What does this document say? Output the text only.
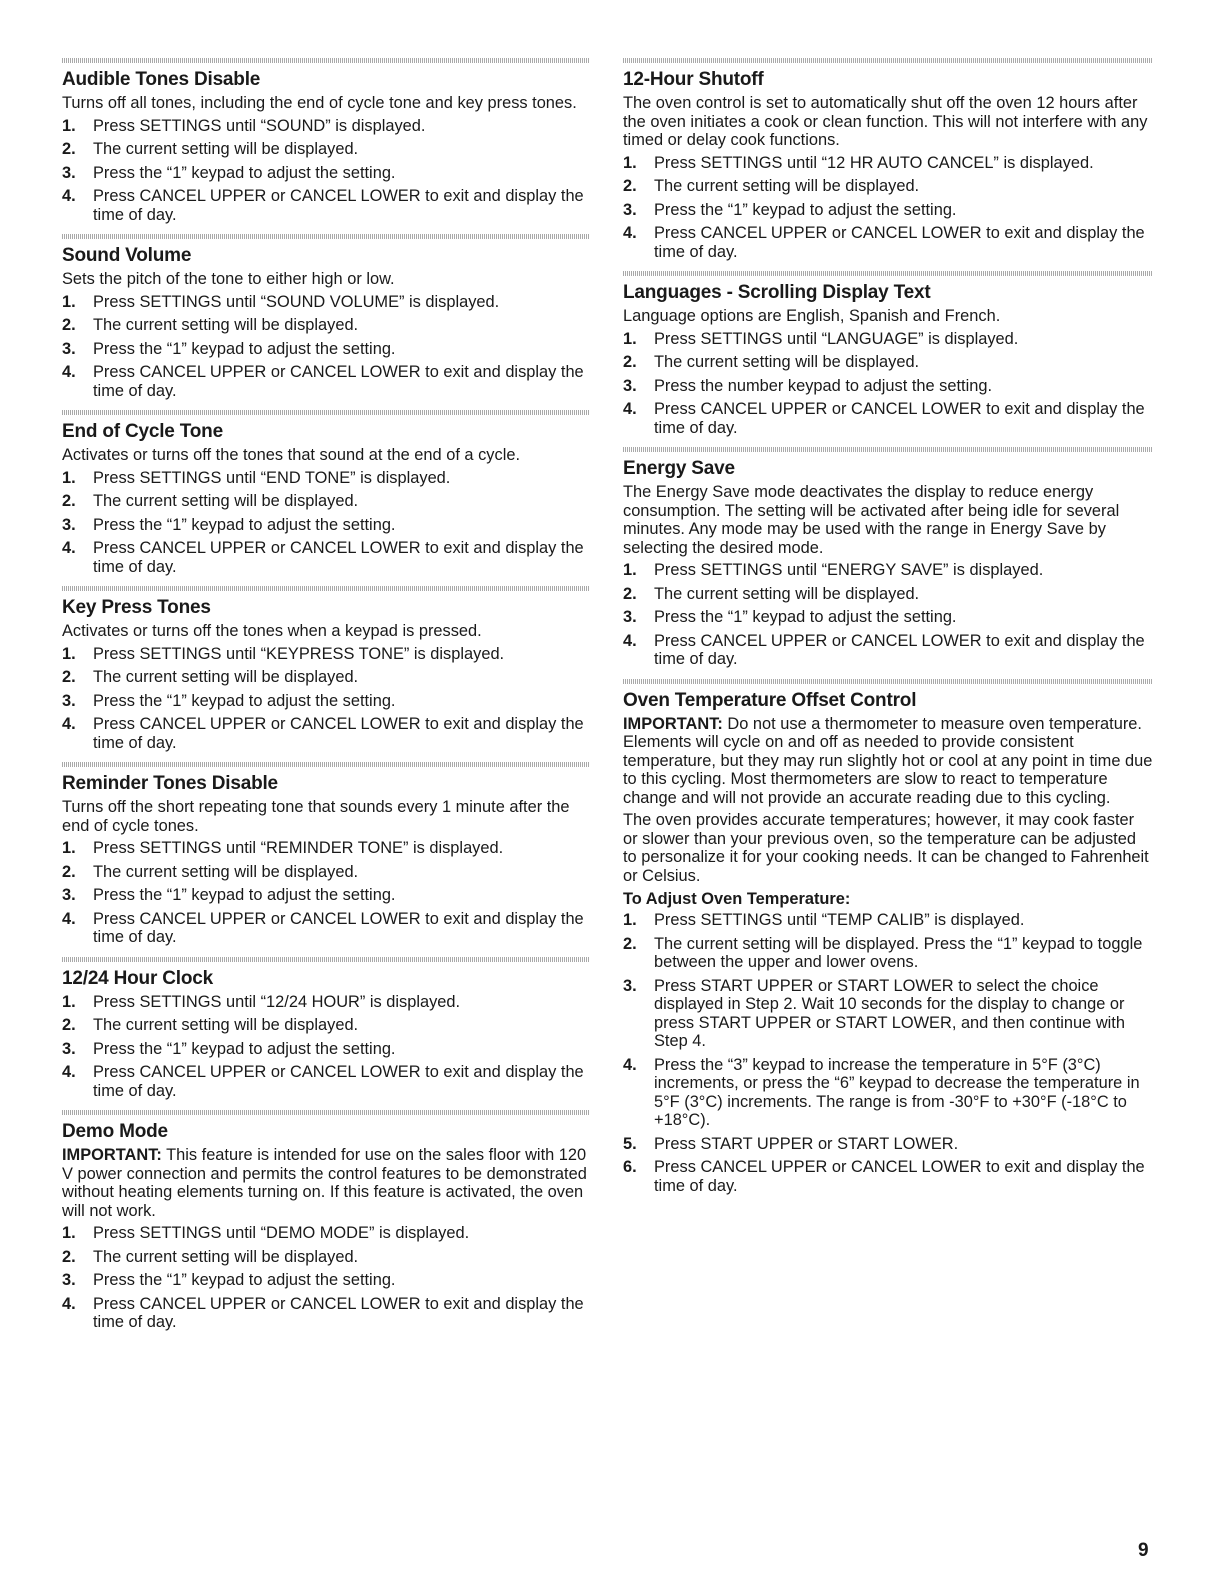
Audible Tones Disable

Turns off all tones, including the end of cycle tone and key press tones.

1. Press SETTINGS until “SOUND” is displayed.
2. The current setting will be displayed.
3. Press the “1” keypad to adjust the setting.
4. Press CANCEL UPPER or CANCEL LOWER to exit and display the time of day.
Sound Volume

Sets the pitch of the tone to either high or low.

1. Press SETTINGS until “SOUND VOLUME” is displayed.
2. The current setting will be displayed.
3. Press the “1” keypad to adjust the setting.
4. Press CANCEL UPPER or CANCEL LOWER to exit and display the time of day.
End of Cycle Tone

Activates or turns off the tones that sound at the end of a cycle.

1. Press SETTINGS until “END TONE” is displayed.
2. The current setting will be displayed.
3. Press the “1” keypad to adjust the setting.
4. Press CANCEL UPPER or CANCEL LOWER to exit and display the time of day.
Key Press Tones

Activates or turns off the tones when a keypad is pressed.

1. Press SETTINGS until “KEYPRESS TONE” is displayed.
2. The current setting will be displayed.
3. Press the “1” keypad to adjust the setting.
4. Press CANCEL UPPER or CANCEL LOWER to exit and display the time of day.
Reminder Tones Disable

Turns off the short repeating tone that sounds every 1 minute after the end of cycle tones.

1. Press SETTINGS until “REMINDER TONE” is displayed.
2. The current setting will be displayed.
3. Press the “1” keypad to adjust the setting.
4. Press CANCEL UPPER or CANCEL LOWER to exit and display the time of day.
12/24 Hour Clock
1. Press SETTINGS until “12/24 HOUR” is displayed.
2. The current setting will be displayed.
3. Press the “1” keypad to adjust the setting.
4. Press CANCEL UPPER or CANCEL LOWER to exit and display the time of day.
Demo Mode

IMPORTANT: This feature is intended for use on the sales floor with 120 V power connection and permits the control features to be demonstrated without heating elements turning on. If this feature is activated, the oven will not work.

1. Press SETTINGS until “DEMO MODE” is displayed.
2. The current setting will be displayed.
3. Press the “1” keypad to adjust the setting.
4. Press CANCEL UPPER or CANCEL LOWER to exit and display the time of day.
12-Hour Shutoff

The oven control is set to automatically shut off the oven 12 hours after the oven initiates a cook or clean function. This will not interfere with any timed or delay cook functions.

1. Press SETTINGS until “12 HR AUTO CANCEL” is displayed.
2. The current setting will be displayed.
3. Press the “1” keypad to adjust the setting.
4. Press CANCEL UPPER or CANCEL LOWER to exit and display the time of day.
Languages - Scrolling Display Text

Language options are English, Spanish and French.

1. Press SETTINGS until “LANGUAGE” is displayed.
2. The current setting will be displayed.
3. Press the number keypad to adjust the setting.
4. Press CANCEL UPPER or CANCEL LOWER to exit and display the time of day.
Energy Save

The Energy Save mode deactivates the display to reduce energy consumption. The setting will be activated after being idle for several minutes. Any mode may be used with the range in Energy Save by selecting the desired mode.

1. Press SETTINGS until “ENERGY SAVE” is displayed.
2. The current setting will be displayed.
3. Press the “1” keypad to adjust the setting.
4. Press CANCEL UPPER or CANCEL LOWER to exit and display the time of day.
Oven Temperature Offset Control

IMPORTANT: Do not use a thermometer to measure oven temperature. Elements will cycle on and off as needed to provide consistent temperature, but they may run slightly hot or cool at any point in time due to this cycling. Most thermometers are slow to react to temperature change and will not provide an accurate reading due to this cycling.

The oven provides accurate temperatures; however, it may cook faster or slower than your previous oven, so the temperature can be adjusted to personalize it for your cooking needs. It can be changed to Fahrenheit or Celsius.

To Adjust Oven Temperature:
1. Press SETTINGS until “TEMP CALIB” is displayed.
2. The current setting will be displayed. Press the “1” keypad to toggle between the upper and lower ovens.
3. Press START UPPER or START LOWER to select the choice displayed in Step 2. Wait 10 seconds for the display to change or press START UPPER or START LOWER, and then continue with Step 4.
4. Press the “3” keypad to increase the temperature in 5°F (3°C) increments, or press the “6” keypad to decrease the temperature in 5°F (3°C) increments. The range is from -30°F to +30°F (-18°C to +18°C).
5. Press START UPPER or START LOWER.
6. Press CANCEL UPPER or CANCEL LOWER to exit and display the time of day.
9
